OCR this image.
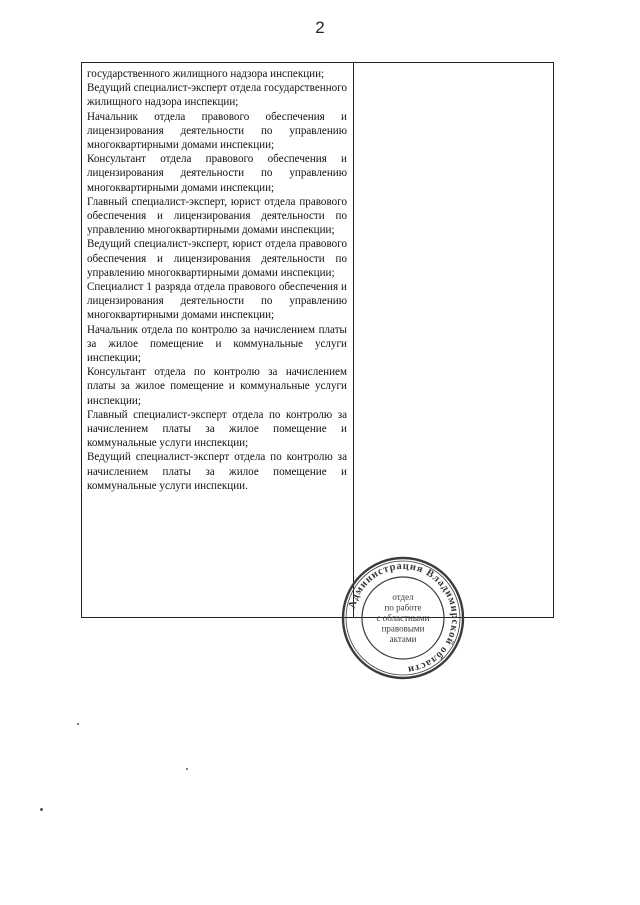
2

государственного жилищного надзора инспекции;

Ведущий специалист-эксперт отдела государственного жилищного надзора инспекции;

Начальник отдела правового обеспечения и лицензирования деятельности по управлению многоквартирными домами инспекции;

Консультант отдела правового обеспечения и лицензирования деятельности по управлению многоквартирными домами инспекции;

Главный специалист-эксперт, юрист отдела правового обеспечения и лицензирования деятельности по управлению многоквартирными домами инспекции;

Ведущий специалист-эксперт, юрист отдела правового обеспечения и лицензирования деятельности по управлению многоквартирными домами инспекции;

Специалист 1 разряда отдела правового обеспечения и лицензирования деятельности по управлению многоквартирными домами инспекции;

Начальник отдела по контролю за начислением платы за жилое помещение и коммунальные услуги инспекции;

Консультант отдела по контролю за начислением платы за жилое помещение и коммунальные услуги инспекции;

Главный специалист-эксперт отдела по контролю за начислением платы за жилое помещение и коммунальные услуги инспекции;

Ведущий специалист-эксперт отдела по контролю за начислением платы за жилое помещение и коммунальные услуги инспекции.

Администрация Владимирской области
отдел
по работе
с областными
правовыми
актами
